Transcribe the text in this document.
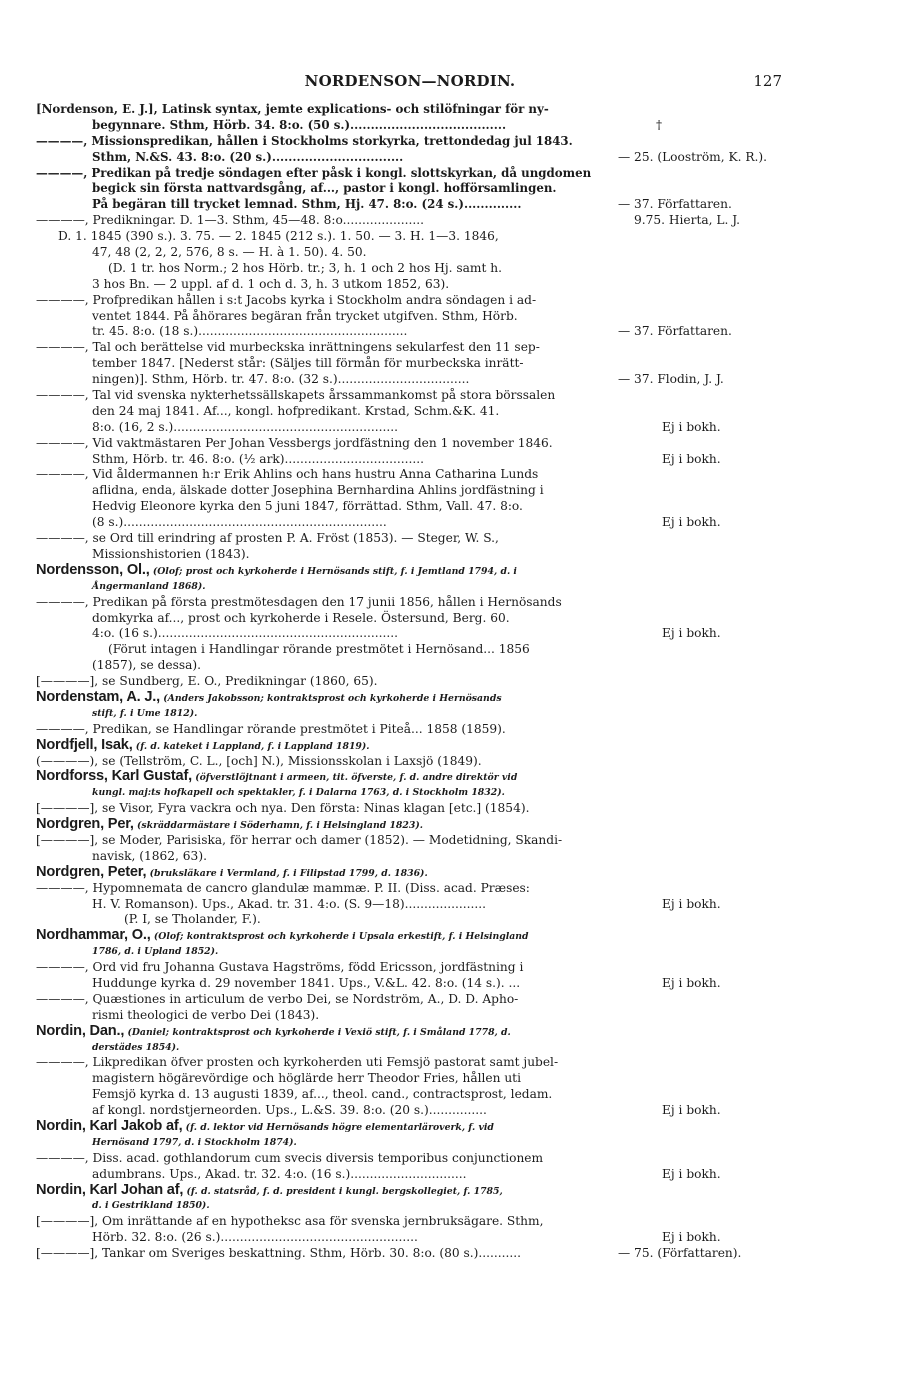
NORDENSON—NORDIN.	127
[Nordenson, E. J.], Latinsk syntax, jemte explications- och stilöfningar för ny-
begynnare. Sthm, Hörb. 34. 8:o. (50 s.)......................................	†
————, Missionspredikan, hållen i Stockholms storkyrka, trettondedag jul 1843.
Sthm, N.&S. 43. 8:o. (20 s.)................................	— 25. (Looström, K. R.).
————, Predikan på tredje söndagen efter påsk i kongl. slottskyrkan, då ungdomen
begick sin första nattvardsgång, af..., pastor i kongl. hofförsamlingen.
På begäran till trycket lemnad. Sthm, Hj. 47. 8:o. (24 s.)..............	— 37. Författaren.
————, Predikningar. D. 1—3. Sthm, 45—48. 8:o.....................	9.75. Hierta, L. J.
D. 1. 1845 (390 s.). 3. 75. — 2. 1845 (212 s.). 1. 50. — 3. H. 1—3. 1846,
47, 48 (2, 2, 2, 576, 8 s. — H. à 1. 50). 4. 50.
(D. 1 tr. hos Norm.; 2 hos Hörb. tr.; 3, h. 1 och 2 hos Hj. samt h.
3 hos Bn. — 2 uppl. af d. 1 och d. 3, h. 3 utkom 1852, 63).
————, Profpredikan hållen i s:t Jacobs kyrka i Stockholm andra söndagen i ad-
ventet 1844. På åhörares begäran från trycket utgifven. Sthm, Hörb.
tr. 45. 8:o. (18 s.)......................................................	— 37. Författaren.
————, Tal och berättelse vid murbeckska inrättningens sekularfest den 11 sep-
tember 1847. [Nederst står: (Säljes till förmån för murbeckska inrätt-
ningen)]. Sthm, Hörb. tr. 47. 8:o. (32 s.)..................................	— 37. Flodin, J. J.
————, Tal vid svenska nykterhetssällskapets årssammankomst på stora börssalen
den 24 maj 1841. Af..., kongl. hofpredikant. Krstad, Schm.&K. 41.
8:o. (16, 2 s.)..........................................................	Ej i bokh.
————, Vid vaktmästaren Per Johan Vessbergs jordfästning den 1 november 1846.
Sthm, Hörb. tr. 46. 8:o. (½ ark)....................................	Ej i bokh.
————, Vid åldermannen h:r Erik Ahlins och hans hustru Anna Catharina Lunds
aflidna, enda, älskade dotter Josephina Bernhardina Ahlins jordfästning i
Hedvig Eleonore kyrka den 5 juni 1847, förrättad. Sthm, Vall. 47. 8:o.
(8 s.)....................................................................	Ej i bokh.
————, se Ord till erindring af prosten P. A. Fröst (1853). — Steger, W. S.,
Missionshistorien (1843).
Nordensson, Ol., (Olof; prost och kyrkoherde i Hernösands stift, f. i Jemtland 1794, d. i
Ångermanland 1868).
————, Predikan på första prestmötesdagen den 17 junii 1856, hållen i Hernösands
domkyrka af..., prost och kyrkoherde i Resele. Östersund, Berg. 60.
4:o. (16 s.)..............................................................	Ej i bokh.
(Förut intagen i Handlingar rörande prestmötet i Hernösand... 1856
(1857), se dessa).
[————], se Sundberg, E. O., Predikningar (1860, 65).
Nordenstam, A. J., (Anders Jakobsson; kontraktsprost och kyrkoherde i Hernösands
stift, f. i Ume 1812).
————, Predikan, se Handlingar rörande prestmötet i Piteå... 1858 (1859).
Nordfjell, Isak, (f. d. kateket i Lappland, f. i Lappland 1819).
(————), se (Tellström, C. L., [och] N.), Missionsskolan i Laxsjö (1849).
Nordforss, Karl Gustaf, (öfverstlöjtnant i armeen, tit. öfverste, f. d. andre direktör vid
kungl. maj:ts hofkapell och spektakler, f. i Dalarna 1763, d. i Stockholm 1832).
[————], se Visor, Fyra vackra och nya. Den första: Ninas klagan [etc.] (1854).
Nordgren, Per, (skräddarmästare i Söderhamn, f. i Helsingland 1823).
[————], se Moder, Parisiska, för herrar och damer (1852). — Modetidning, Skandi-
navisk, (1862, 63).
Nordgren, Peter, (bruksläkare i Vermland, f. i Filipstad 1799, d. 1836).
————, Hypomnemata de cancro glandulæ mammæ. P. II. (Diss. acad. Præses:
H. V. Romanson). Ups., Akad. tr. 31. 4:o. (S. 9—18).....................	Ej i bokh.
(P. I, se Tholander, F.).
Nordhammar, O., (Olof; kontraktsprost och kyrkoherde i Upsala erkestift, f. i Helsingland
1786, d. i Upland 1852).
————, Ord vid fru Johanna Gustava Hagströms, född Ericsson, jordfästning i
Huddunge kyrka d. 29 november 1841. Ups., V.&L. 42. 8:o. (14 s.). ...	Ej i bokh.
————, Quæstiones in articulum de verbo Dei, se Nordström, A., D. D. Apho-
rismi theologici de verbo Dei (1843).
Nordin, Dan., (Daniel; kontraktsprost och kyrkoherde i Vexiö stift, f. i Småland 1778, d.
derstädes 1854).
————, Likpredikan öfver prosten och kyrkoherden uti Femsjö pastorat samt jubel-
magistern högärevördige och höglärde herr Theodor Fries, hållen uti
Femsjö kyrka d. 13 augusti 1839, af..., theol. cand., contractsprost, ledam.
af kongl. nordstjerneorden. Ups., L.&S. 39. 8:o. (20 s.)...............	Ej i bokh.
Nordin, Karl Jakob af, (f. d. lektor vid Hernösands högre elementarläroverk, f. vid
Hernösand 1797, d. i Stockholm 1874).
————, Diss. acad. gothlandorum cum svecis diversis temporibus conjunctionem
adumbrans. Ups., Akad. tr. 32. 4:o. (16 s.)..............................	Ej i bokh.
Nordin, Karl Johan af, (f. d. statsråd, f. d. president i kungl. bergskollegiet, f. 1785,
d. i Gestrikland 1850).
[————], Om inrättande af en hypotheksc asa för svenska jernbruksägare. Sthm,
Hörb. 32. 8:o. (26 s.)...................................................	Ej i bokh.
[————], Tankar om Sveriges beskattning. Sthm, Hörb. 30. 8:o. (80 s.)...........	— 75. (Författaren).
